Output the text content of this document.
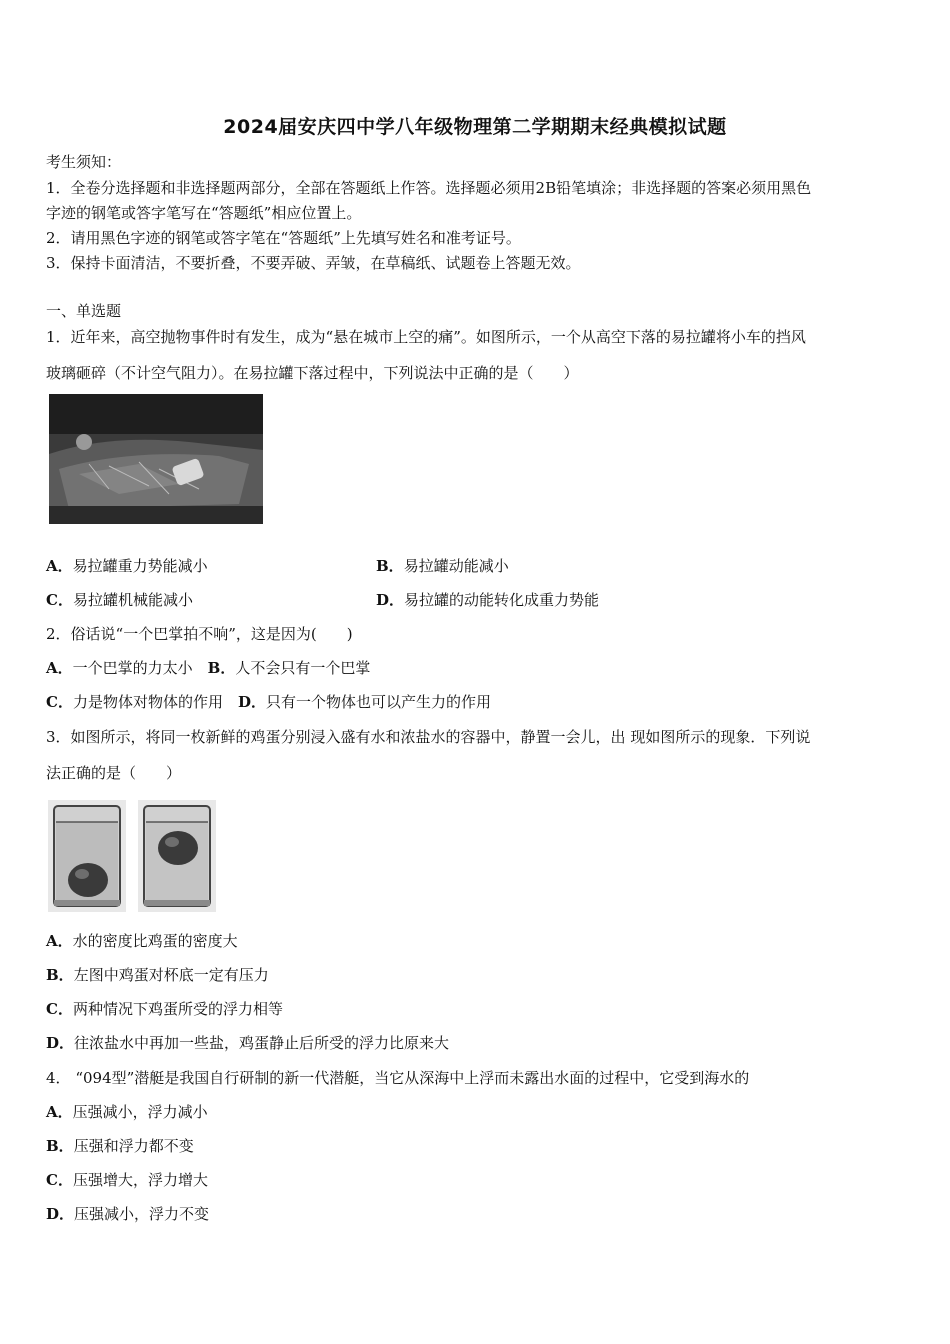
2024届安庆四中学八年级物理第二学期期末经典模拟试题
考生须知：
1．全卷分选择题和非选择题两部分，全部在答题纸上作答。选择题必须用2B铅笔填涂；非选择题的答案必须用黑色
字迹的钢笔或答字笔写在“答题纸”相应位置上。
2．请用黑色字迹的钢笔或答字笔在“答题纸”上先填写姓名和准考证号。
3．保持卡面清洁，不要折叠，不要弄破、弄皱，在草稿纸、试题卷上答题无效。
一、单选题
1．近年来，高空抛物事件时有发生，成为“悬在城市上空的痛”。如图所示，一个从高空下落的易拉罐将小车的挡风
玻璃砸碎（不计空气阻力）。在易拉罐下落过程中，下列说法中正确的是（　　）
A．易拉罐重力势能减小	B．易拉罐动能减小
C．易拉罐机械能减小	D．易拉罐的动能转化成重力势能
2．俗话说“一个巴掌拍不响”，这是因为(　　)
A．一个巴掌的力太小　 B．人不会只有一个巴掌
C．力是物体对物体的作用　 D．只有一个物体也可以产生力的作用
3．如图所示，将同一枚新鲜的鸡蛋分别浸入盛有水和浓盐水的容器中，静置一会儿，出 现如图所示的现象．下列说
法正确的是（　　）
A．水的密度比鸡蛋的密度大
B．左图中鸡蛋对杯底一定有压力
C．两种情况下鸡蛋所受的浮力相等
D．往浓盐水中再加一些盐，鸡蛋静止后所受的浮力比原来大
4． “094型”潜艇是我国自行研制的新一代潜艇，当它从深海中上浮而未露出水面的过程中，它受到海水的
A．压强减小，浮力减小
B．压强和浮力都不变
C．压强增大，浮力增大
D．压强减小，浮力不变
